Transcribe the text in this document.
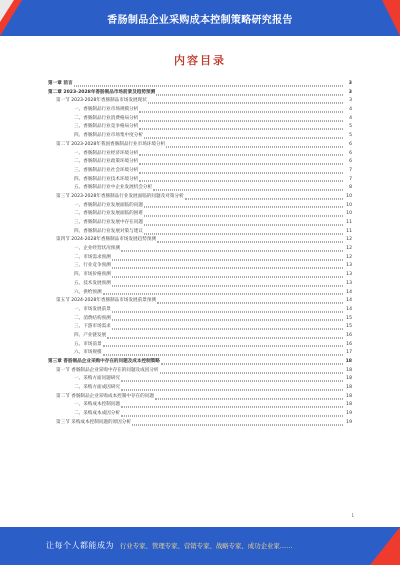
香肠制品企业采购成本控制策略研究报告
内容目录
第一章 前言	3
第二章 2023-2028年香肠制品市场前景及趋势预测	3
第一节 2023-2028年香肠制品市场发展现状	3
一、香肠制品行业市场规模分析	4
二、香肠制品行业消费格局分析	4
三、香肠制品行业竞争格局分析	5
四、香肠制品行业市场集中度分析	5
第二节 2023-2028年我国香肠制品行业市场环境分析	6
一、香肠制品行业经济环境分析	6
二、香肠制品行业政策环境分析	6
三、香肠制品行业社会环境分析	7
四、香肠制品行业技术环境分析	7
五、香肠制品行业中企业发展机会分析	8
第三节 2023-2028年香肠制品行业发展面临的问题及对策分析	10
一、香肠制品行业发展面临的问题	10
二、香肠制品行业发展面临的困难	10
三、香肠制品行业发展中存在问题	11
四、香肠制品行业发展对策与建议	11
第四节 2024-2028年香肠制品市场发展趋势预测	12
一、企业经营状况预测	12
二、市场需求预测	12
三、行业竞争预测	13
四、市场价格预测	13
五、技术发展预测	13
六、供给预测	14
第五节 2024-2028年香肠制品市场发展前景预测	14
一、市场发展前景	14
二、消费结构预测	15
三、下游市场需求	15
四、产业链发展	16
五、市场前景	16
六、市场规模	17
第三章 香肠制品企业采购中存在的问题及成本控制策略	18
第一节 香肠制品企业采购中存在的问题及成因分析	18
一、采购方面问题研究	18
二、采购方面成因研究	18
第二节 香肠制品企业采购成本控制中存在的问题	18
一、采购成本控制问题	18
二、采购成本成因分析	19
第三节 采购成本控制问题的原因分析	19
1
让每个人都能成为 行业专家、管理专家、营销专家、战略专家、成功企业家……
